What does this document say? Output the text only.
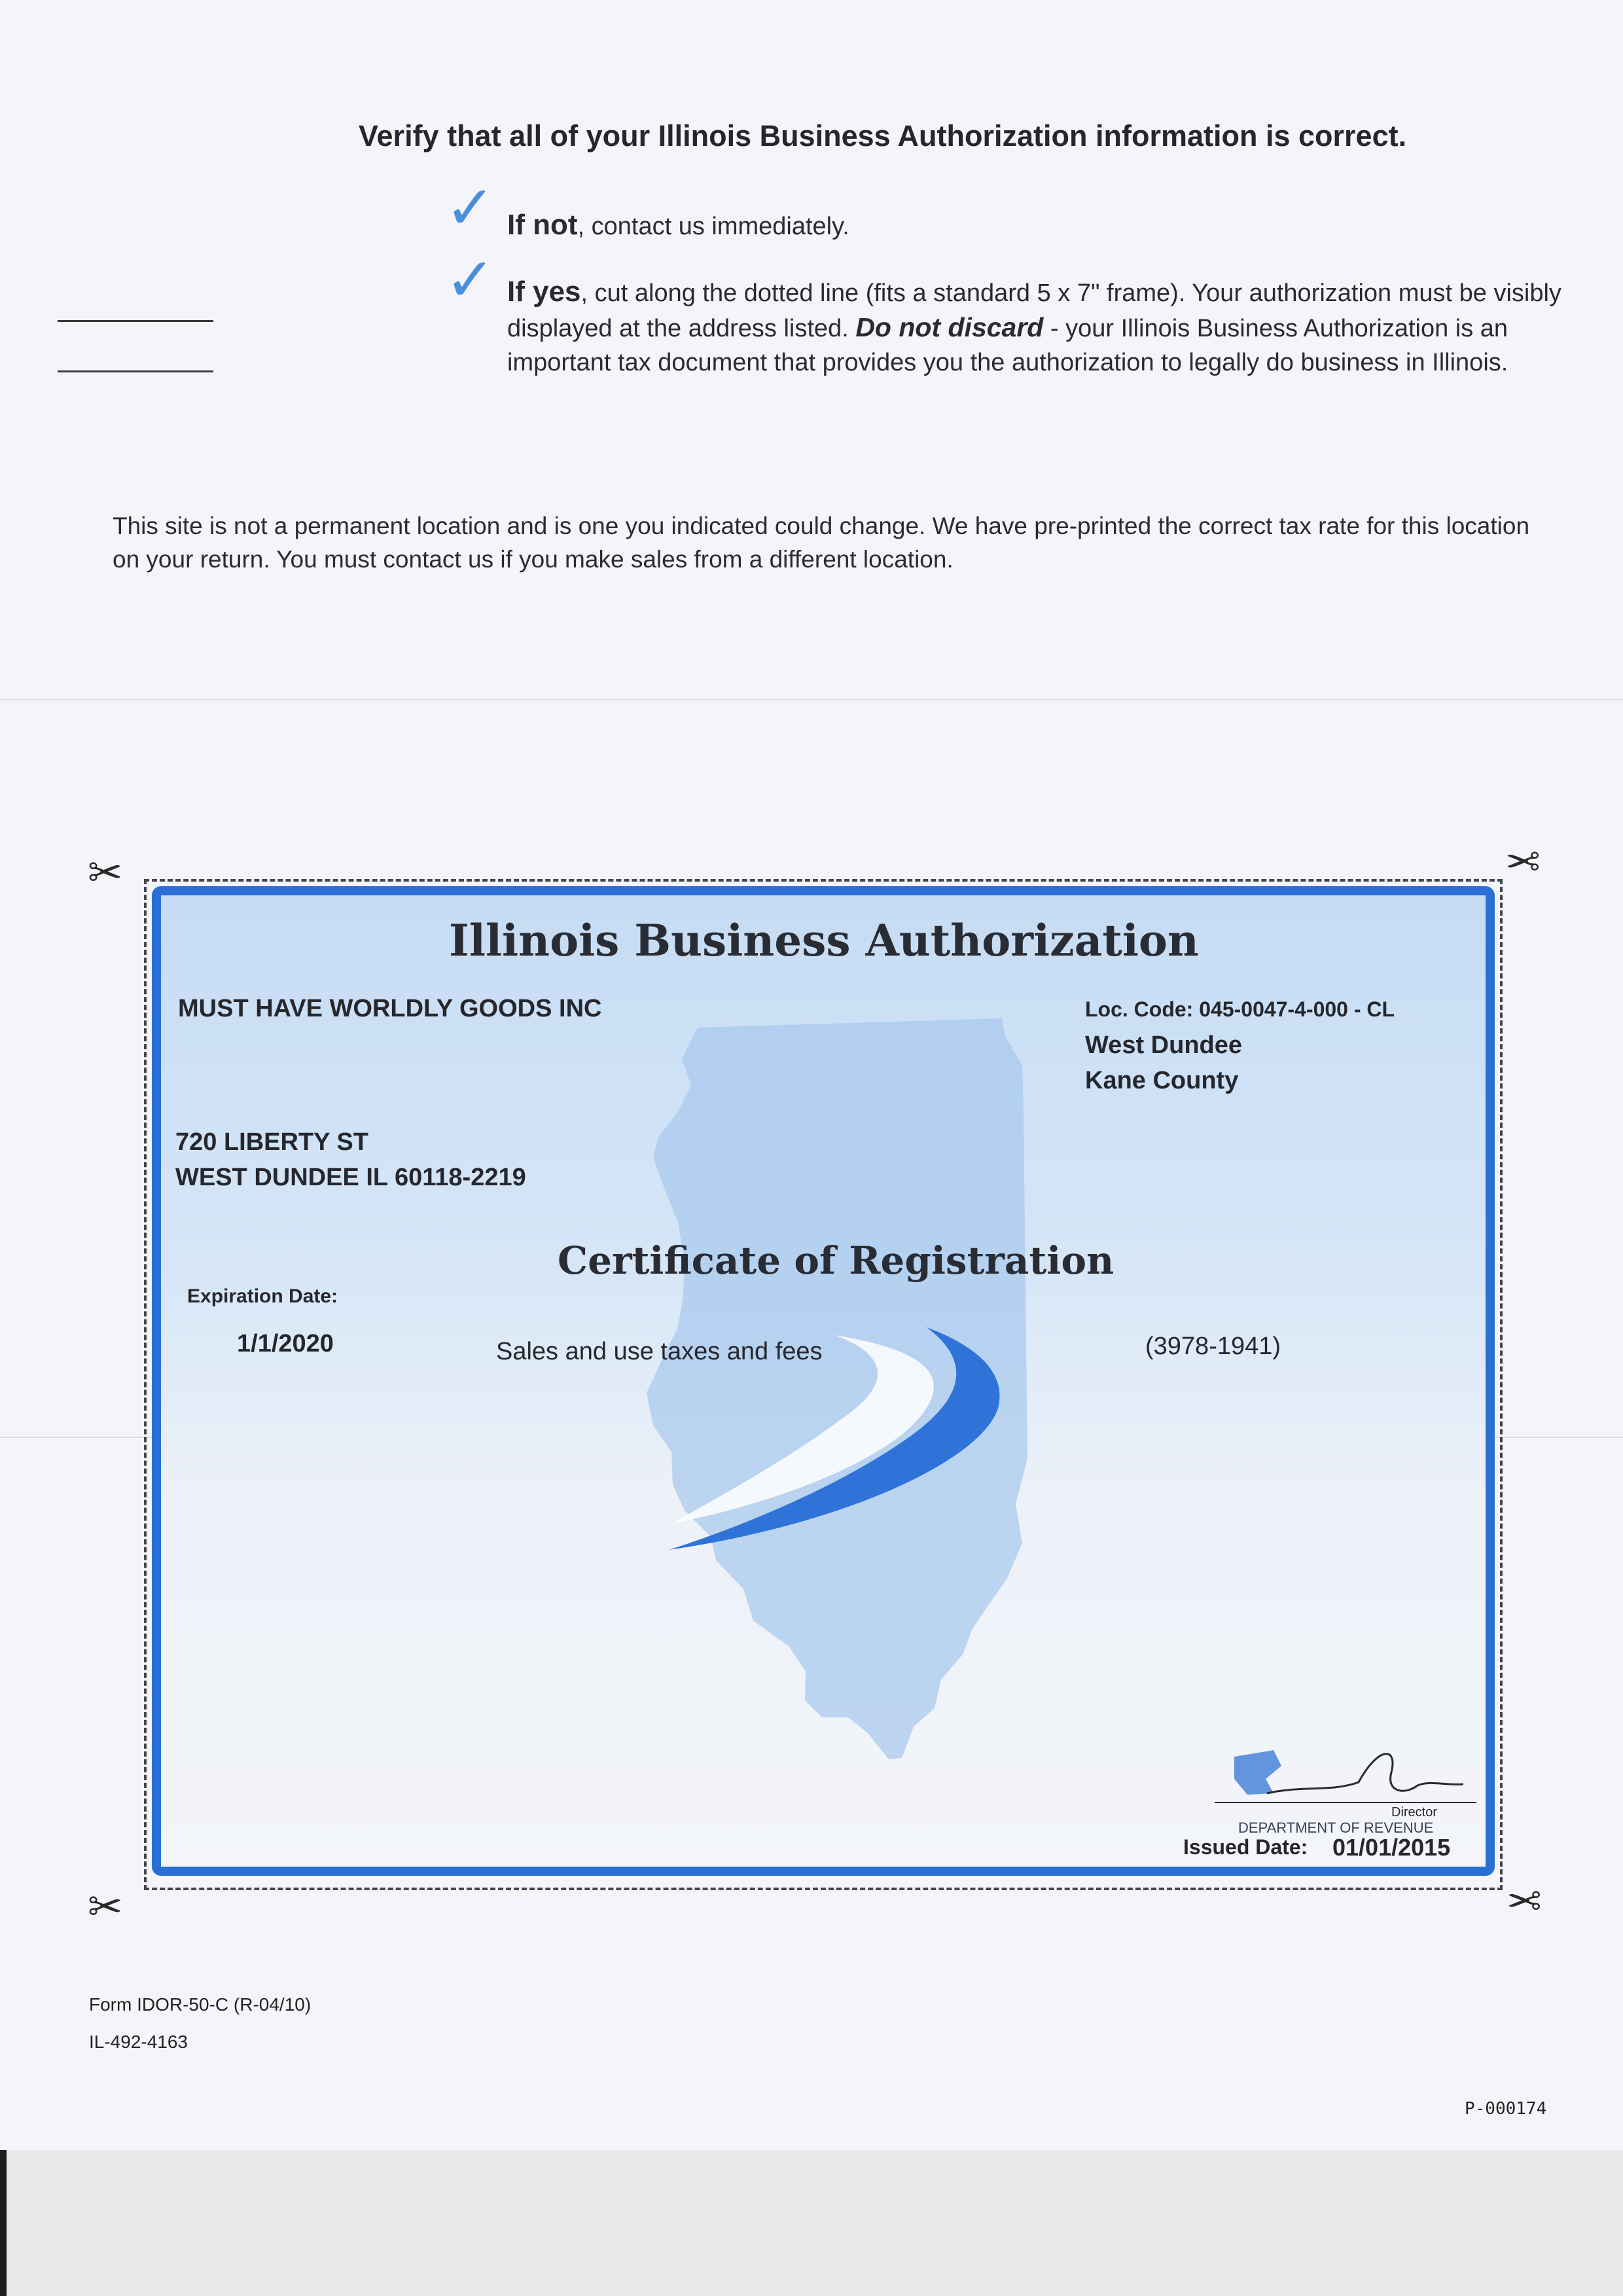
Verify that all of your Illinois Business Authorization information is correct.
✓ If not, contact us immediately.
✓ If yes, cut along the dotted line (fits a standard 5 x 7" frame). Your authorization must be visibly displayed at the address listed. Do not discard - your Illinois Business Authorization is an important tax document that provides you the authorization to legally do business in Illinois.
This site is not a permanent location and is one you indicated could change. We have pre-printed the correct tax rate for this location on your return. You must contact us if you make sales from a different location.
✂	✂
✂	✂
Illinois Business Authorization
MUST HAVE WORLDLY GOODS INC
720 LIBERTY ST
WEST DUNDEE IL 60118-2219
Loc. Code: 045-0047-4-000 - CL
West Dundee
Kane County
Certificate of Registration
Expiration Date:
1/1/2020	Sales and use taxes and fees	(3978-1941)
Director
DEPARTMENT OF REVENUE
Issued Date: 01/01/2015
Form IDOR-50-C (R-04/10)
IL-492-4163
P-000174
